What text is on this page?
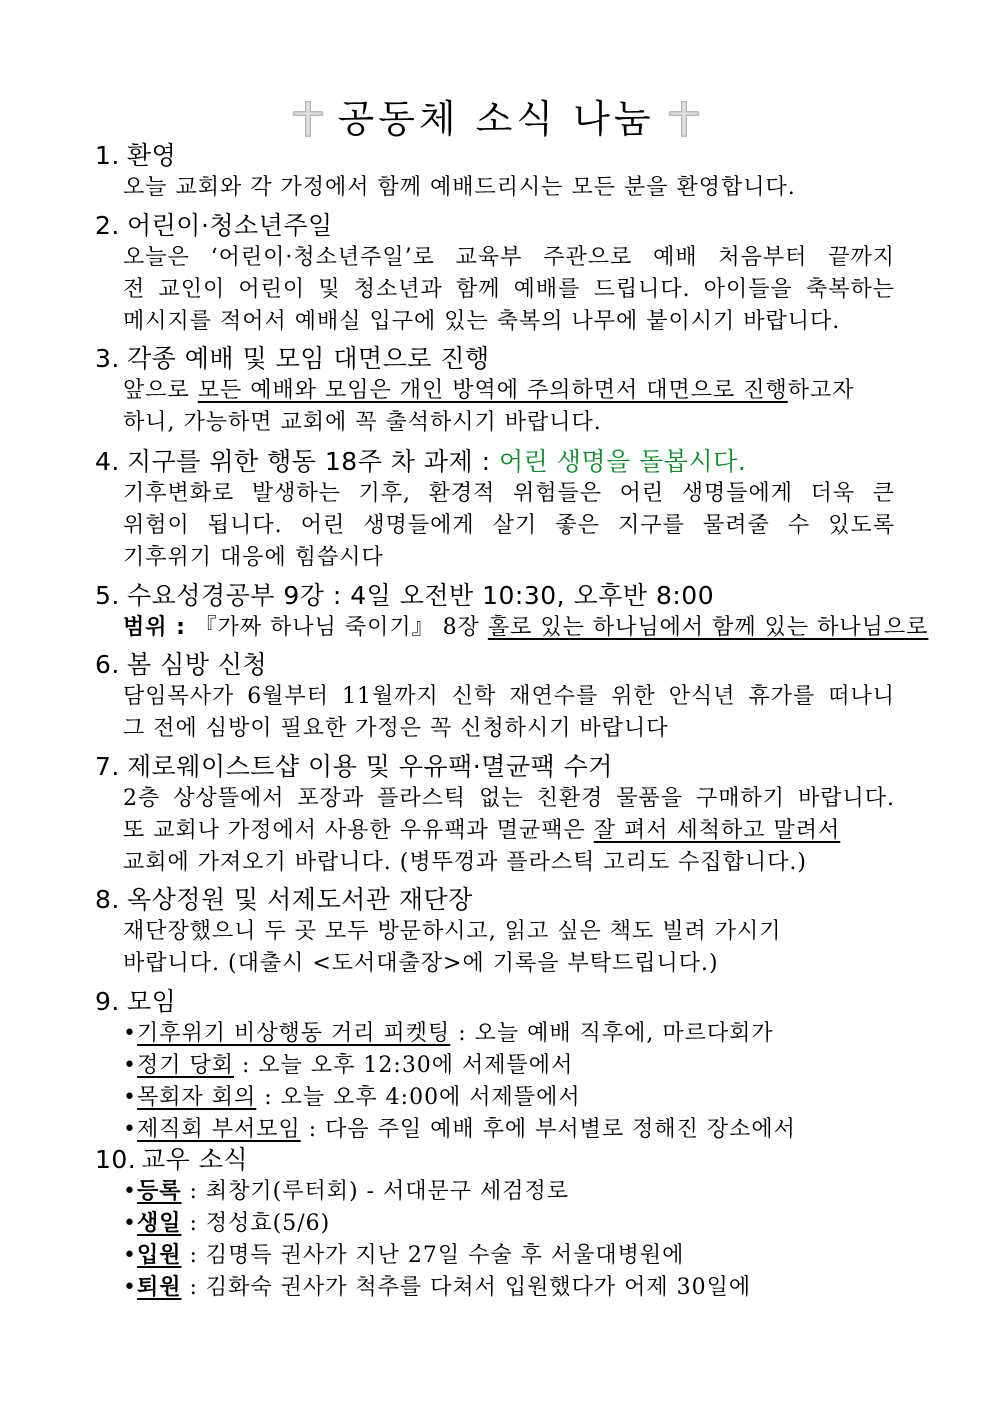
공동체 소식 나눔
1. 환영
오늘 교회와 각 가정에서 함께 예배드리시는 모든 분을 환영합니다.
2. 어린이·청소년주일
오늘은 ‘어린이·청소년주일’로 교육부 주관으로 예배 처음부터 끝까지
전 교인이 어린이 및 청소년과 함께 예배를 드립니다. 아이들을 축복하는
메시지를 적어서 예배실 입구에 있는 축복의 나무에 붙이시기 바랍니다.
3. 각종 예배 및 모임 대면으로 진행
앞으로 모든 예배와 모임은 개인 방역에 주의하면서 대면으로 진행하고자
하니, 가능하면 교회에 꼭 출석하시기 바랍니다.
4. 지구를 위한 행동 18주 차 과제 : 어린 생명을 돌봅시다.
기후변화로 발생하는 기후, 환경적 위험들은 어린 생명들에게 더욱 큰
위험이 됩니다. 어린 생명들에게 살기 좋은 지구를 물려줄 수 있도록
기후위기 대응에 힘씁시다
5. 수요성경공부 9강 : 4일 오전반 10:30, 오후반 8:00
범위 : 『가짜 하나님 죽이기』 8장 홀로 있는 하나님에서 함께 있는 하나님으로
6. 봄 심방 신청
담임목사가 6월부터 11월까지 신학 재연수를 위한 안식년 휴가를 떠나니
그 전에 심방이 필요한 가정은 꼭 신청하시기 바랍니다
7. 제로웨이스트샵 이용 및 우유팩·멸균팩 수거
2층 상상뜰에서 포장과 플라스틱 없는 친환경 물품을 구매하기 바랍니다.
또 교회나 가정에서 사용한 우유팩과 멸균팩은 잘 펴서 세척하고 말려서
교회에 가져오기 바랍니다. (병뚜껑과 플라스틱 고리도 수집합니다.)
8. 옥상정원 및 서제도서관 재단장
재단장했으니 두 곳 모두 방문하시고, 읽고 싶은 책도 빌려 가시기
바랍니다. (대출시 <도서대출장>에 기록을 부탁드립니다.)
9. 모임
•기후위기 비상행동 거리 피켓팅 : 오늘 예배 직후에, 마르다회가
•정기 당회 : 오늘 오후 12:30에 서제뜰에서
•목회자 회의 : 오늘 오후 4:00에 서제뜰에서
•제직회 부서모임 : 다음 주일 예배 후에 부서별로 정해진 장소에서
10. 교우 소식
•등록 : 최창기(루터회) - 서대문구 세검정로
•생일 : 정성효(5/6)
•입원 : 김명득 권사가 지난 27일 수술 후 서울대병원에
•퇴원 : 김화숙 권사가 척추를 다쳐서 입원했다가 어제 30일에
